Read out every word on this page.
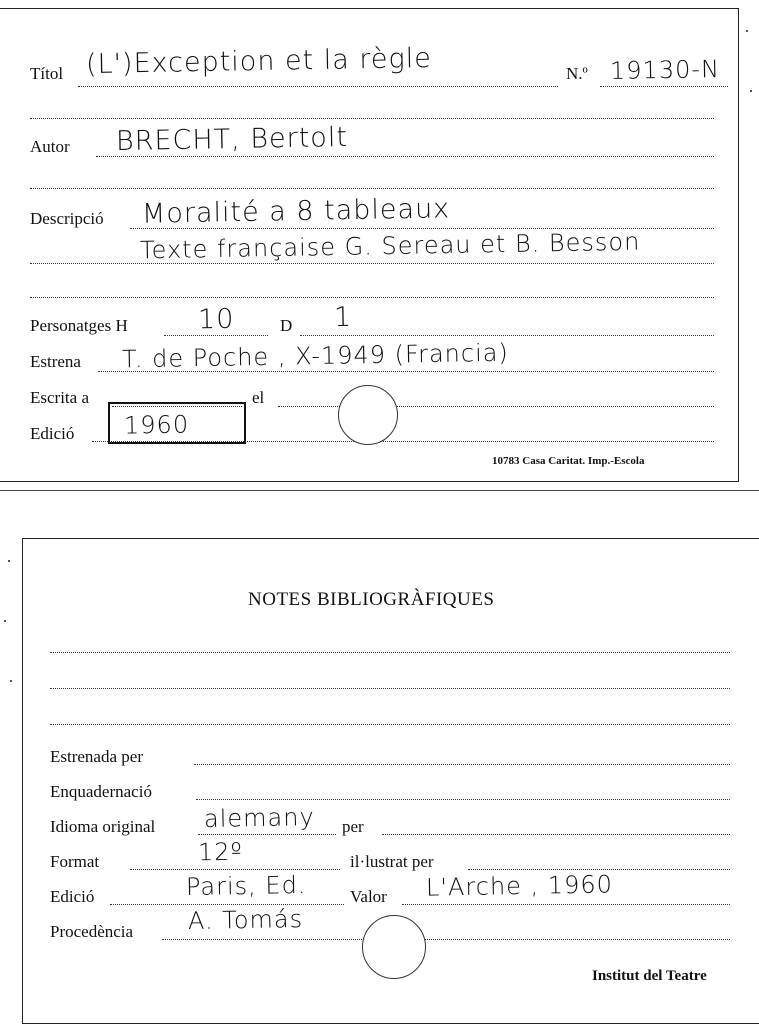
Títol (L')Exception et la règle	N.º 19130-N
Autor BRECHT, Bertolt
Descripció Moralité a 8 tableaux
Texte française G. Sereau et B. Besson
Personatges H	10	D 1
Estrena T. de Poche , X-1949 (Francia)
Escrita a	el
Edició 1960
10783 Casa Caritat. Imp.-Escola
NOTES BIBLIOGRÀFIQUES
Estrenada per
Enquadernació
Idioma original alemany per
Format	12º	il·lustrat per
Edició	Paris, Ed.	Valor L'Arche , 1960
Procedència A. Tomás
Institut del Teatre
